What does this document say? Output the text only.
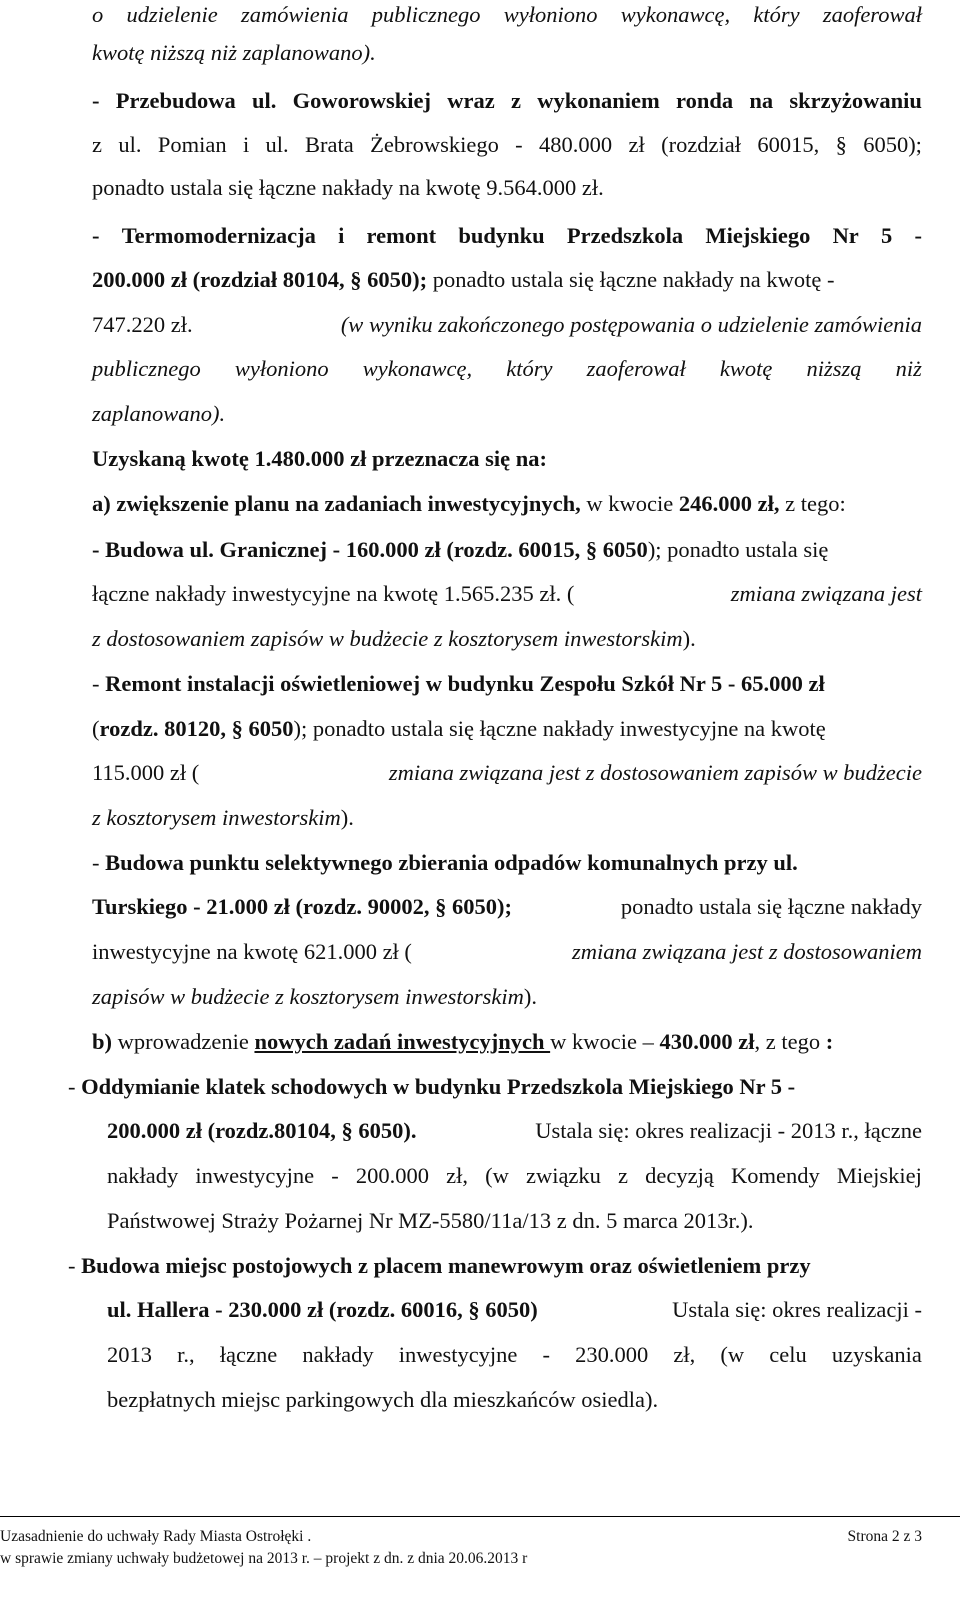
o udzielenie zamówienia publicznego wyłoniono wykonawcę, który zaoferował
kwotę niższą niż zaplanowano).
- Przebudowa ul. Goworowskiej wraz z wykonaniem ronda na skrzyżowaniu
z ul. Pomian i ul. Brata Żebrowskiego - 480.000 zł (rozdział 60015, § 6050);
ponadto ustala się łączne nakłady na kwotę 9.564.000 zł.
- Termomodernizacja i remont budynku Przedszkola Miejskiego Nr 5 -
200.000 zł (rozdział 80104, § 6050); ponadto ustala się łączne nakłady na kwotę -
747.220 zł.	(w wyniku zakończonego postępowania o udzielenie zamówienia
publicznego wyłoniono wykonawcę, który zaoferował kwotę niższą niż
zaplanowano).
Uzyskaną kwotę 1.480.000 zł przeznacza się na:
a) zwiększenie planu na zadaniach inwestycyjnych, w kwocie 246.000 zł, z tego:
- Budowa ul. Granicznej - 160.000 zł (rozdz. 60015, § 6050); ponadto ustala się
łączne nakłady inwestycyjne na kwotę 1.565.235 zł. (	zmiana związana jest
z dostosowaniem zapisów w budżecie z kosztorysem inwestorskim).
- Remont instalacji oświetleniowej w budynku Zespołu Szkół Nr 5 - 65.000 zł
(rozdz. 80120, § 6050); ponadto ustala się łączne nakłady inwestycyjne na kwotę
115.000 zł (	zmiana związana jest z dostosowaniem zapisów w budżecie
z kosztorysem inwestorskim).
- Budowa punktu selektywnego zbierania odpadów komunalnych przy ul.
Turskiego - 21.000 zł (rozdz. 90002, § 6050);	ponadto ustala się łączne nakłady
inwestycyjne na kwotę 621.000 zł (	zmiana związana jest z dostosowaniem
zapisów w budżecie z kosztorysem inwestorskim).
b) wprowadzenie nowych zadań inwestycyjnych w kwocie – 430.000 zł, z tego :
- Oddymianie klatek schodowych w budynku Przedszkola Miejskiego Nr 5 -
200.000 zł (rozdz.80104, § 6050).	Ustala się: okres realizacji - 2013 r., łączne
nakłady inwestycyjne - 200.000 zł, (w związku z decyzją Komendy Miejskiej
Państwowej Straży Pożarnej Nr MZ-5580/11a/13 z dn. 5 marca 2013r.).
- Budowa miejsc postojowych z placem manewrowym oraz oświetleniem przy
ul. Hallera - 230.000 zł (rozdz. 60016, § 6050)	Ustala się: okres realizacji -
2013 r., łączne nakłady inwestycyjne - 230.000 zł, (w celu uzyskania
bezpłatnych miejsc parkingowych dla mieszkańców osiedla).
Uzasadnienie do uchwały Rady Miasta Ostrołęki .	Strona 2 z 3
w sprawie zmiany uchwały budżetowej na 2013 r. – projekt z dn. z dnia 20.06.2013 r
